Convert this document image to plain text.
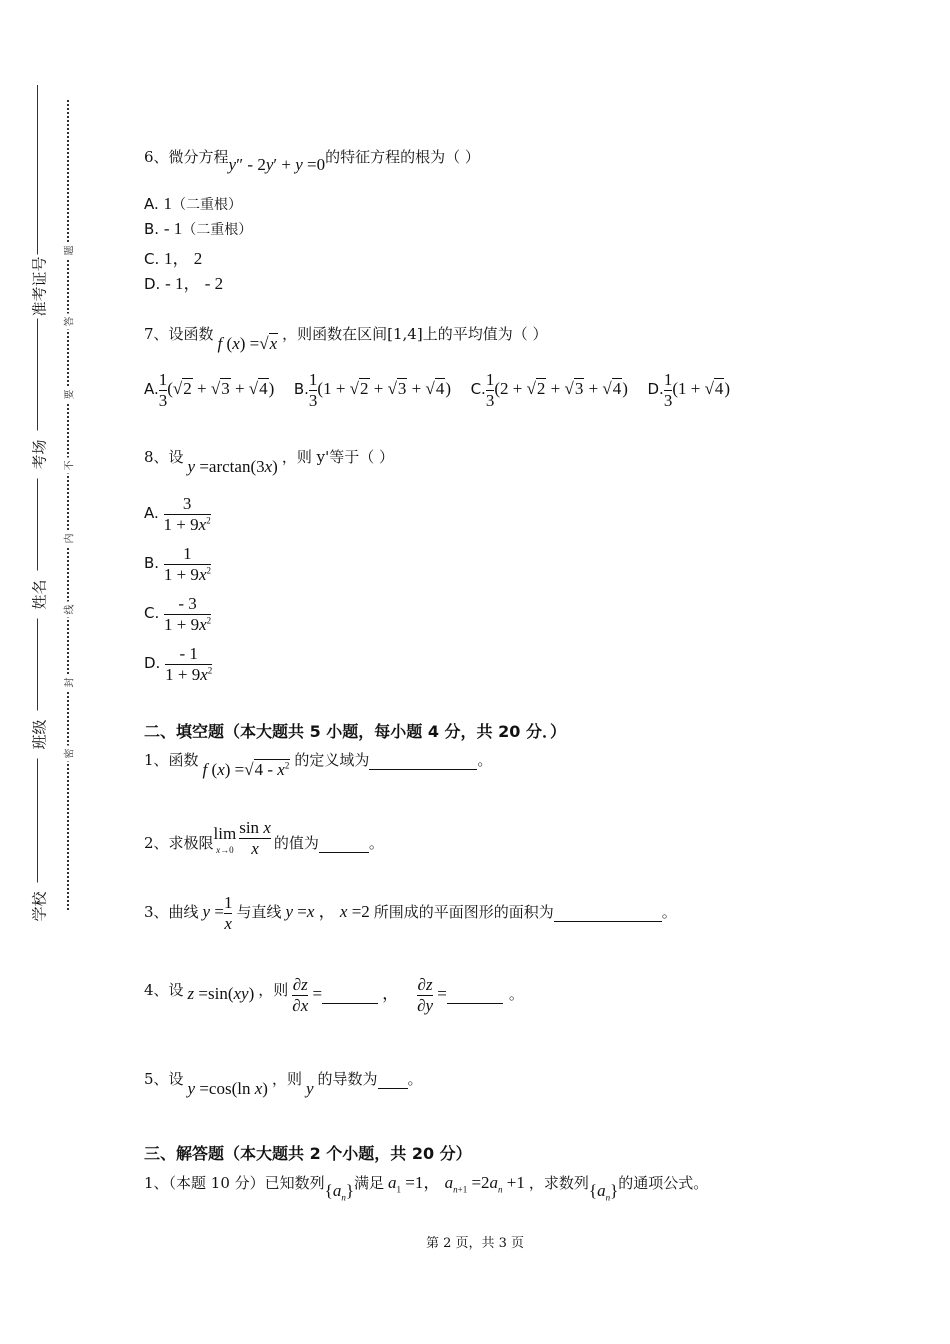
准考证号
考场
姓名
班级
学校
题
答
要
不
内
线
封
密
6、微分方程y″ - 2y′ + y =0的特征方程的根为（ ）
A. 1（二重根）
B. - 1（二重根）
C. 1， 2
D. - 1， - 2
7、设函数 f (x) =√x ，则函数在区间[1,4]上的平均值为（ ）
A. $\frac{1}{3} (√2 + √3 + √4)$ B. $\frac{1}{3} (1 + √2 + √3 + √4)$ C. $\frac{1}{3} (2 + √2 + √3 + √4)$ D. $\frac{1}{3} (1 + √4)$
8、设 y =arctan(3x) ，则 y'等于（ ）
A. $\frac{3}{1 + 9x^2}$
B. $\frac{1}{1 + 9x^2}$
C. $\frac{- 3}{1 + 9x^2}$
D. $\frac{- 1}{1 + 9x^2}$
二、填空题（本大题共 5 小题，每小题 4 分，共 20 分．）
1、函数 f $(x) =√4 - x^2$ 的定义域为	。
2、求极限lim
$^{x\to 0} \frac{\text{sin x}}{x}$ 的值为	。
3、曲线 $y = \frac{1}{x}$ 与直线 y =x ， x =2 所围成的平面图形的面积为	。
4、设 z =sin(xy) ，则 $\frac{\partial z}{\partial x}$ =	， $\frac{\partial z}{\partial y}$ =	。
5、设 y =cos(ln x) ，则 y 的导数为 。
三、解答题（本大题共 2 个小题，共 20 分）
1、（本题 10 分）已知数列$\{a_n\}$满足 $a_1 =1$， $a_{n+1} =2a_n +1$ ，求数列$\{a_n\}$的通项公式。
第 2 页，共 3 页
